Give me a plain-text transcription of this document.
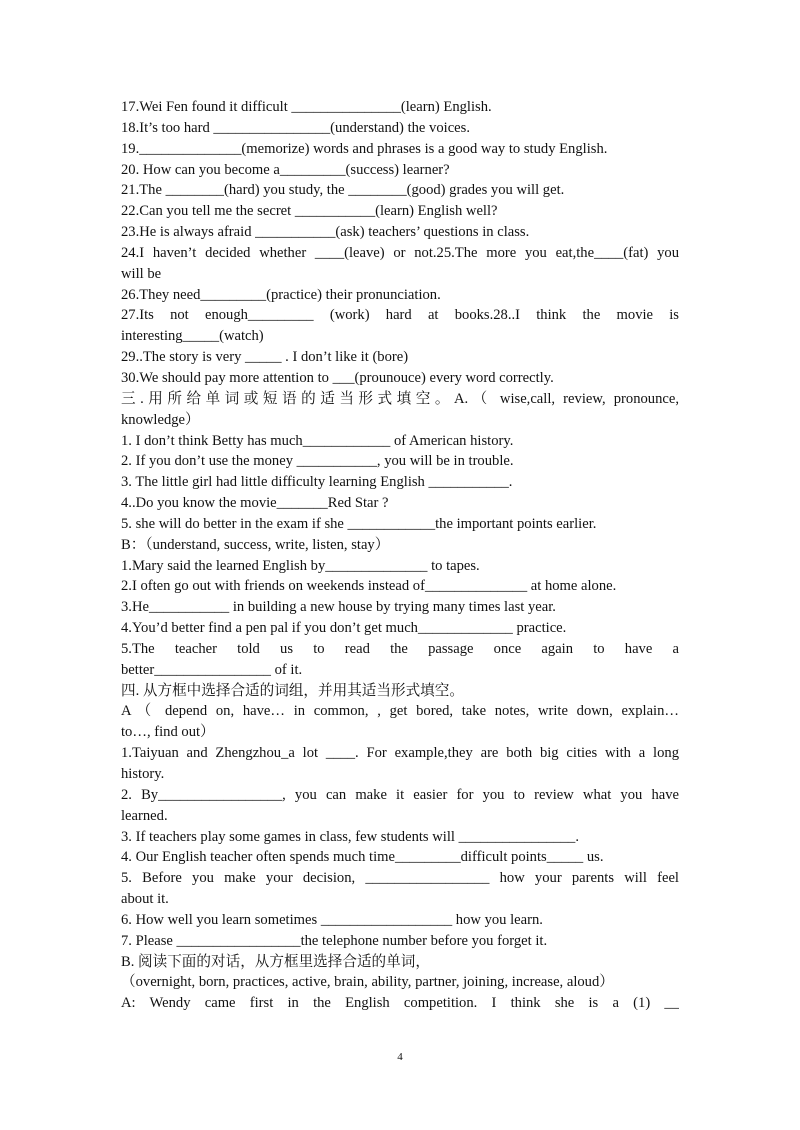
17.Wei Fen found it difficult _______________(learn) English.
18.It’s too hard ________________(understand) the voices.
19.______________(memorize) words and phrases is a good way to study English.
20. How can you become a_________(success) learner?
21.The ________(hard) you study, the ________(good) grades you will get.
22.Can you tell me the secret ___________(learn) English well?
23.He is always afraid ___________(ask) teachers’ questions in class.
24.I haven’t decided whether ____(leave) or not.25.The more you eat,the____(fat) you
will be
26.They need_________(practice) their pronunciation.
27.Its not enough_________ (work) hard at books.28..I think the movie is
interesting_____(watch)
29..The story is very _____ . I don’t like it (bore)
30.We should pay more attention to ___(prounouce) every word correctly.
三.用所给单词或短语的适当形式填空。A.（ wise,call, review, pronounce,
knowledge）
1. I don’t think Betty has much____________ of American history.
2. If you don’t use the money ___________, you will be in trouble.
3. The little girl had little difficulty learning English ___________.
4..Do you know the movie_______Red Star ?
5. she will do better in the exam if she ____________the important points earlier.
B：（understand, success, write, listen, stay）
1.Mary said the learned English by______________ to tapes.
2.I often go out with friends on weekends instead of______________ at home alone.
3.He___________ in building a new house by trying many times last year.
4.You’d better find a pen pal if you don’t get much_____________ practice.
5.The teacher told us to read the passage once again to have a
better________________ of it.
四. 从方框中选择合适的词组，并用其适当形式填空。
A（ depend on, have… in common, , get bored, take notes, write down, explain…
to…, find out）
1.Taiyuan and Zhengzhou_a lot ____. For example,they are both big cities with a long
history.
2. By_________________, you can make it easier for you to review what you have
learned.
3. If teachers play some games in class, few students will ________________.
4. Our English teacher often spends much time_________difficult points_____ us.
5. Before you make your decision, _________________ how your parents will feel
about it.
6. How well you learn sometimes __________________ how you learn.
7. Please _________________the telephone number before you forget it.
B. 阅读下面的对话，从方框里选择合适的单词，
（overnight, born, practices, active, brain, ability, partner, joining, increase, aloud）
A: Wendy came first in the English competition. I think she is a (1) __
4
